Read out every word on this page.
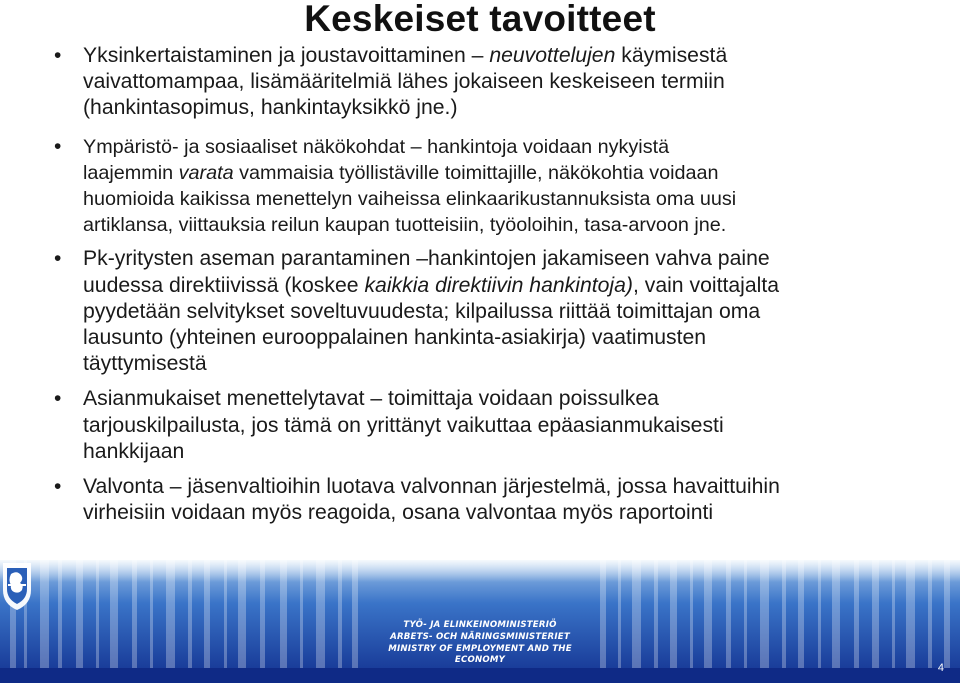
Keskeiset tavoitteet
• Yksinkertaistaminen ja joustavoittaminen – neuvottelujen käymisestä
vaivattomampaa, lisämääritelmiä lähes jokaiseen keskeiseen termiin
(hankintasopimus, hankintayksikkö jne.)
• Ympäristö- ja sosiaaliset näkökohdat – hankintoja voidaan nykyistä
laajemmin varata vammaisia työllistäville toimittajille, näkökohtia voidaan
huomioida kaikissa menettelyn vaiheissa elinkaarikustannuksista oma uusi
artiklansa, viittauksia reilun kaupan tuotteisiin, työoloihin, tasa-arvoon jne.
• Pk-yritysten aseman parantaminen –hankintojen jakamiseen vahva paine
uudessa direktiivissä (koskee kaikkia direktiivin hankintoja), vain voittajalta
pyydetään selvitykset soveltuvuudesta; kilpailussa riittää toimittajan oma
lausunto (yhteinen eurooppalainen hankinta-asiakirja) vaatimusten
täyttymisestä
• Asianmukaiset menettelytavat – toimittaja voidaan poissulkea
tarjouskilpailusta, jos tämä on yrittänyt vaikuttaa epäasianmukaisesti
hankkijaan
• Valvonta – jäsenvaltioihin luotava valvonnan järjestelmä, jossa havaittuihin
virheisiin voidaan myös reagoida, osana valvontaa myös raportointi
TYÖ- JA ELINKEINOMINISTERIÖ
ARBETS- OCH NÄRINGSMINISTERIET
MINISTRY OF EMPLOYMENT AND THE ECONOMY
4
